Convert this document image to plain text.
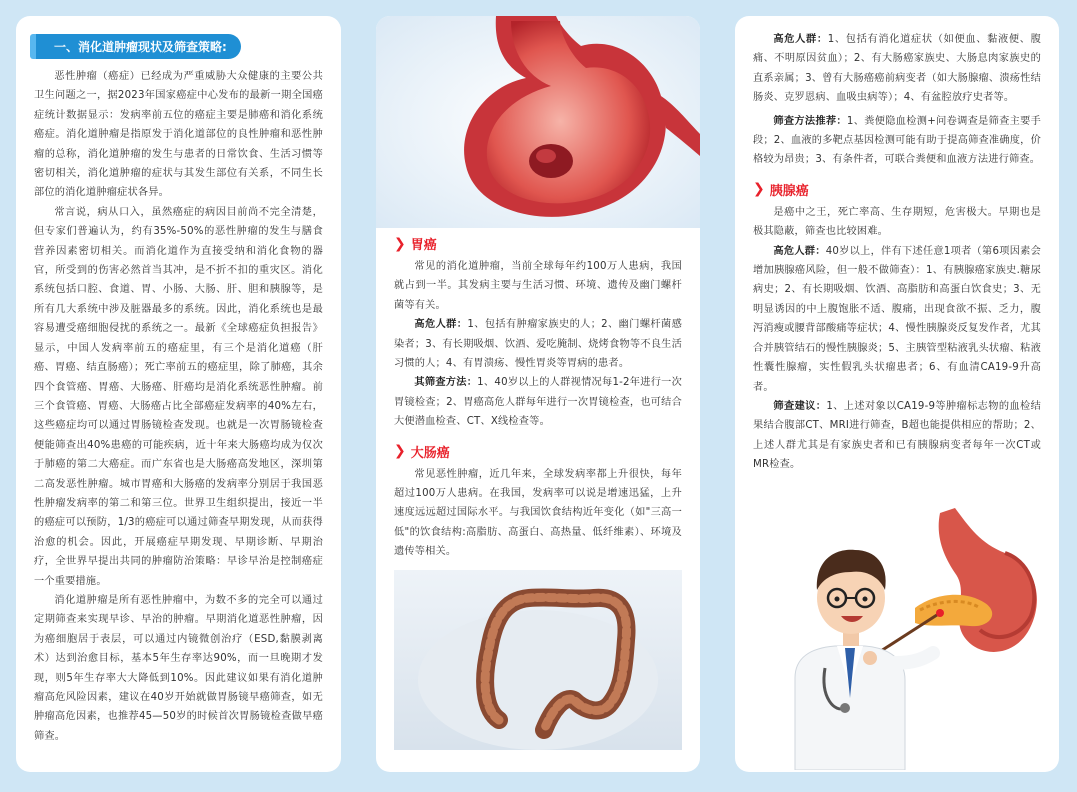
一、消化道肿瘤现状及筛查策略:

恶性肿瘤（癌症）已经成为严重威胁大众健康的主要公共卫生问题之一，据2023年国家癌症中心发布的最新一期全国癌症统计数据显示：发病率前五位的癌症主要是肺癌和消化系统癌症。消化道肿瘤是指原发于消化道部位的良性肿瘤和恶性肿瘤的总称，消化道肿瘤的发生与患者的日常饮食、生活习惯等密切相关，消化道肿瘤的症状与其发生部位有关系，不同生长部位的消化道肿瘤症状各异。

常言说，病从口入，虽然癌症的病因目前尚不完全清楚，但专家们普遍认为，约有35%-50%的恶性肿瘤的发生与膳食营养因素密切相关。而消化道作为直接受纳和消化食物的器官，所受到的伤害必然首当其冲，是不折不扣的重灾区。消化系统包括口腔、食道、胃、小肠、大肠、肝、胆和胰腺等，是所有几大系统中涉及脏器最多的系统。因此，消化系统也是最容易遭受癌细胞侵扰的系统之一。最新《全球癌症负担报告》显示，中国人发病率前五的癌症里，有三个是消化道癌（肝癌、胃癌、结直肠癌）；死亡率前五的癌症里，除了肺癌，其余四个食管癌、胃癌、大肠癌、肝癌均是消化系统恶性肿瘤。前三个食管癌、胃癌、大肠癌占比全部癌症发病率的40%左右，这些癌症均可以通过胃肠镜检查发现。也就是一次胃肠镜检查便能筛查出40%患癌的可能疾病，近十年来大肠癌均成为仅次于肺癌的第二大癌症。而广东省也是大肠癌高发地区，深圳第二高发恶性肿瘤。城市胃癌和大肠癌的发病率分别居于我国恶性肿瘤发病率的第二和第三位。世界卫生组织提出，接近一半的癌症可以预防，1/3的癌症可以通过筛查早期发现，从而获得治愈的机会。因此，开展癌症早期发现、早期诊断、早期治疗，全世界早提出共同的肿瘤防治策略：早诊早治是控制癌症一个重要措施。

消化道肿瘤是所有恶性肿瘤中，为数不多的完全可以通过定期筛查来实现早诊、早治的肿瘤。早期消化道恶性肿瘤，因为癌细胞居于表层，可以通过内镜微创治疗（ESD,黏膜剥离术）达到治愈目标，基本5年生存率达90%，而一旦晚期才发现，则5年生存率大大降低到10%。因此建议如果有消化道肿瘤高危风险因素，建议在40岁开始就做胃肠镜早癌筛查，如无肿瘤高危因素，也推荐45—50岁的时候首次胃肠镜检查做早癌筛查。

❯ 胃癌

常见的消化道肿瘤，当前全球每年约100万人患病，我国就占到一半。其发病主要与生活习惯、环境、遗传及幽门螺杆菌等有关。

高危人群：1、包括有肿瘤家族史的人；2、幽门螺杆菌感染者；3、有长期吸烟、饮酒、爱吃腌制、烧烤食物等不良生活习惯的人；4、有胃溃疡、慢性胃炎等胃病的患者。

其筛查方法：1、40岁以上的人群视情况每1-2年进行一次胃镜检查；2、胃癌高危人群每年进行一次胃镜检查，也可结合大便潜血检查、CT、X线检查等。

❯ 大肠癌

常见恶性肿瘤，近几年来，全球发病率都上升很快，每年超过100万人患病。在我国，发病率可以说是增速迅猛，上升速度远远超过国际水平。与我国饮食结构近年变化（如"三高一低"的饮食结构:高脂肪、高蛋白、高热量、低纤维素）、环境及遗传等相关。

高危人群：1、包括有消化道症状（如便血、黏液便、腹痛、不明原因贫血）；2、有大肠癌家族史、大肠息肉家族史的直系亲属；3、曾有大肠癌癌前病变者（如大肠腺瘤、溃疡性结肠炎、克罗恩病、血吸虫病等）；4、有盆腔放疗史者等。

筛查方法推荐：1、粪便隐血检测+问卷调查是筛查主要手段；2、血液的多靶点基因检测可能有助于提高筛查准确度，价格较为昂贵；3、有条件者，可联合粪便和血液方法进行筛查。

❯ 胰腺癌

是癌中之王，死亡率高、生存期短，危害极大。早期也是极其隐蔽，筛查也比较困难。

高危人群：40岁以上，伴有下述任意1项者（第6项因素会增加胰腺癌风险，但一般不做筛查）：1、有胰腺癌家族史.糖尿病史；2、有长期吸烟、饮酒、高脂肪和高蛋白饮食史；3、无明显诱因的中上腹饱胀不适、腹痛，出现食欲不振、乏力，腹泻消瘦或腰背部酸痛等症状；4、慢性胰腺炎反复发作者，尤其合并胰管结石的慢性胰腺炎；5、主胰管型粘液乳头状瘤、粘液性囊性腺瘤，实性假乳头状瘤患者；6、有血清CA19-9升高者。

筛查建议：1、上述对象以CA19-9等肿瘤标志物的血检结果结合腹部CT、MRI进行筛查，B超也能提供相应的帮助；2、上述人群尤其是有家族史者和已有胰腺病变者每年一次CT或MR检查。
